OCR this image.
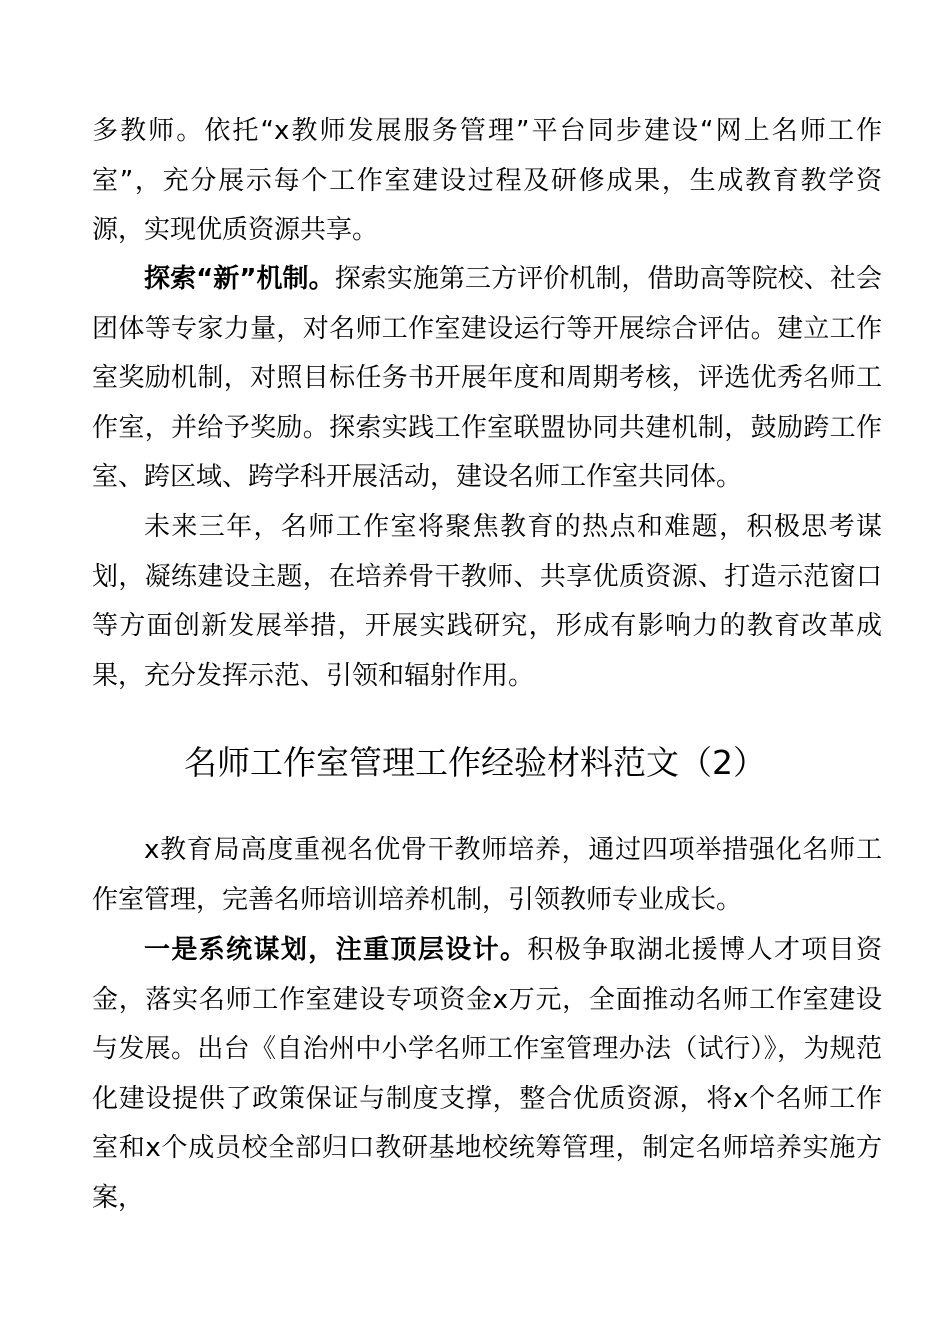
多教师。依托“x教师发展服务管理”平台同步建设“网上名师工作室”，充分展示每个工作室建设过程及研修成果，生成教育教学资源，实现优质资源共享。

探索“新”机制。探索实施第三方评价机制，借助高等院校、社会团体等专家力量，对名师工作室建设运行等开展综合评估。建立工作室奖励机制，对照目标任务书开展年度和周期考核，评选优秀名师工作室，并给予奖励。探索实践工作室联盟协同共建机制，鼓励跨工作室、跨区域、跨学科开展活动，建设名师工作室共同体。

未来三年，名师工作室将聚焦教育的热点和难题，积极思考谋划，凝练建设主题，在培养骨干教师、共享优质资源、打造示范窗口等方面创新发展举措，开展实践研究，形成有影响力的教育改革成果，充分发挥示范、引领和辐射作用。

名师工作室管理工作经验材料范文（2）

x教育局高度重视名优骨干教师培养，通过四项举措强化名师工作室管理，完善名师培训培养机制，引领教师专业成长。

一是系统谋划，注重顶层设计。积极争取湖北援博人才项目资金，落实名师工作室建设专项资金x万元，全面推动名师工作室建设与发展。出台《自治州中小学名师工作室管理办法（试行）》，为规范化建设提供了政策保证与制度支撑，整合优质资源，将x个名师工作室和x个成员校全部归口教研基地校统筹管理，制定名师培养实施方案，
